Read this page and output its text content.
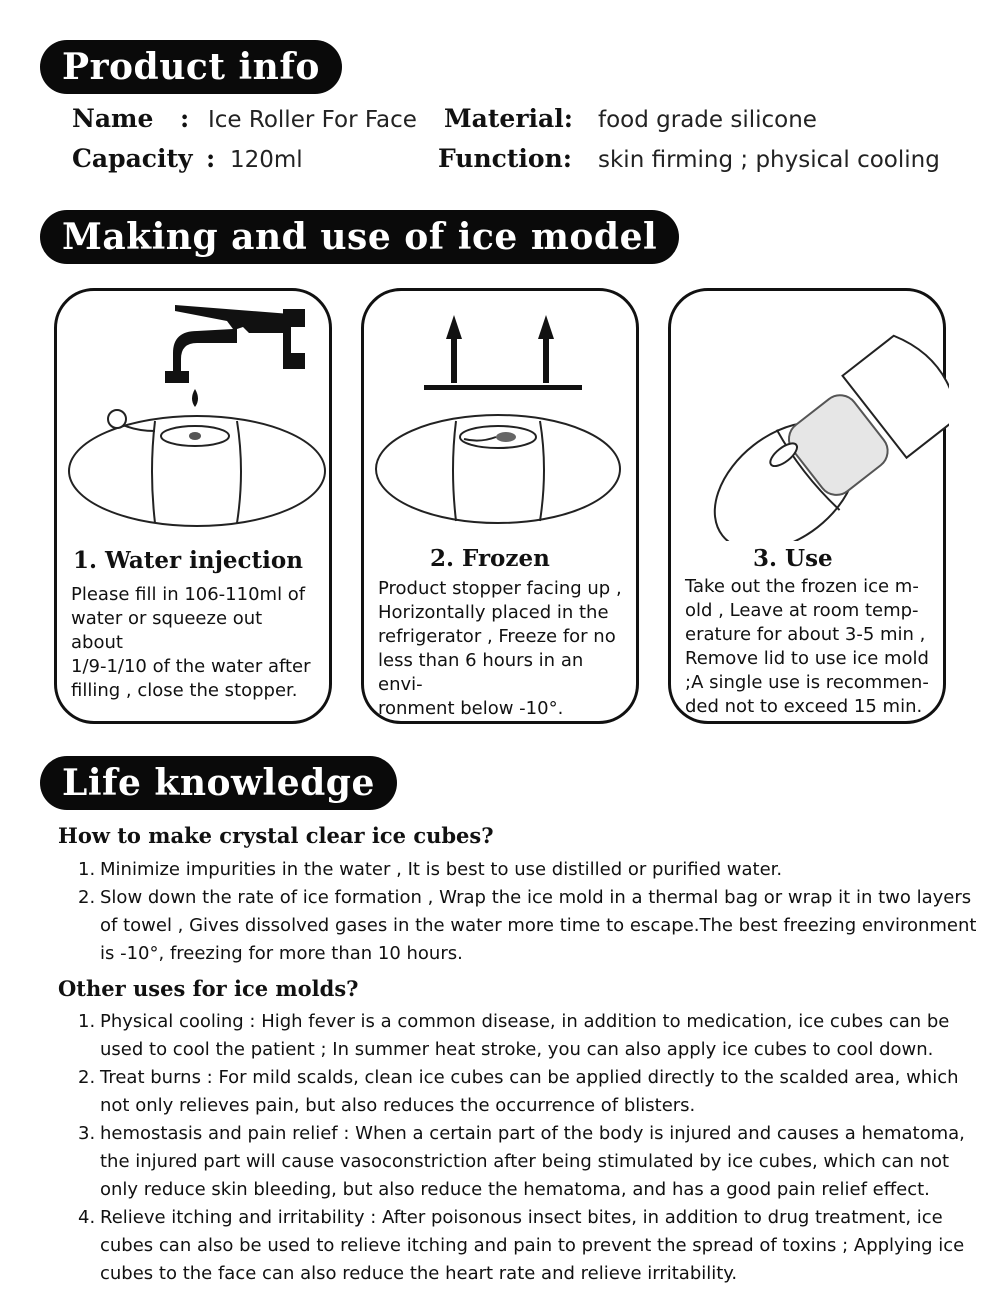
Product info
Name : Ice Roller For Face
Capacity : 120ml
Material: food grade silicone
Function: skin firming ; physical cooling
Making and use of ice model
1. Water injection
Please fill in 106-110ml of
water or squeeze out about
1/9-1/10 of the water after
filling , close the stopper.
2. Frozen
Product stopper facing up ,
Horizontally placed in the
refrigerator , Freeze for no
less than 6 hours in an envi-
ronment below -10°.
3. Use
Take out the frozen ice m-
old , Leave at room temp-
erature for about 3-5 min ,
Remove lid to use ice mold
;A single use is recommen-
ded not to exceed 15 min.
Life knowledge
How to make crystal clear ice cubes?
1. Minimize impurities in the water , It is best to use distilled or purified water.
2. Slow down the rate of ice formation , Wrap the ice mold in a thermal bag or wrap it in two layers of towel , Gives dissolved gases in the water more time to escape.The best freezing environment is -10°, freezing for more than 10 hours.
Other uses for ice molds?
1. Physical cooling : High fever is a common disease, in addition to medication, ice cubes can be used to cool the patient ; In summer heat stroke, you can also apply ice cubes to cool down.
2. Treat burns : For mild scalds, clean ice cubes can be applied directly to the scalded area, which not only relieves pain, but also reduces the occurrence of blisters.
3. hemostasis and pain relief : When a certain part of the body is injured and causes a hematoma, the injured part will cause vasoconstriction after being stimulated by ice cubes, which can not only reduce skin bleeding, but also reduce the hematoma, and has a good pain relief effect.
4. Relieve itching and irritability : After poisonous insect bites, in addition to drug treatment, ice cubes can also be used to relieve itching and pain to prevent the spread of toxins ; Applying ice cubes to the face can also reduce the heart rate and relieve irritability.
